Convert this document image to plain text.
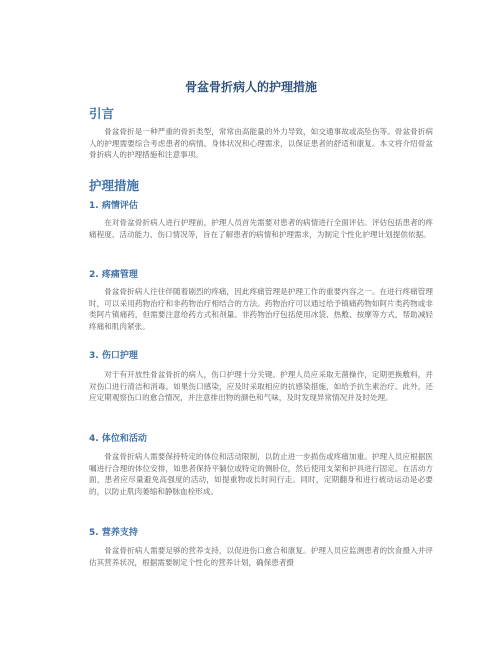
骨盆骨折病人的护理措施
引言

骨盆骨折是一种严重的骨折类型，常常由高能量的外力导致，如交通事故或高坠伤等。骨盆骨折病人的护理需要综合考虑患者的病情、身体状况和心理需求，以保证患者的舒适和康复。本文将介绍骨盆骨折病人的护理措施和注意事项。

护理措施
1. 病情评估

在对骨盆骨折病人进行护理前，护理人员首先需要对患者的病情进行全面评估。评估包括患者的疼痛程度、活动能力、伤口情况等，旨在了解患者的病情和护理需求，为制定个性化护理计划提供依据。

2. 疼痛管理

骨盆骨折病人往往伴随着剧烈的疼痛，因此疼痛管理是护理工作的重要内容之一。在进行疼痛管理时，可以采用药物治疗和非药物治疗相结合的方法。药物治疗可以通过给予镇痛药物如阿片类药物或非类阿片镇痛药，但需要注意给药方式和剂量。非药物治疗包括使用冰袋、热敷、按摩等方式，帮助减轻疼痛和肌肉紧张。

3. 伤口护理

对于有开放性骨盆骨折的病人，伤口护理十分关键。护理人员应采取无菌操作，定期更换敷料，并对伤口进行清洁和消毒。如果伤口感染，应及时采取相应的抗感染措施，如给予抗生素治疗。此外，还应定期观察伤口的愈合情况，并注意排出物的颜色和气味，及时发现异常情况并及时处理。

4. 体位和活动

骨盆骨折病人需要保持特定的体位和活动限制，以防止进一步损伤或疼痛加重。护理人员应根据医嘱进行合理的体位安排，如患者保持平躺位或特定的侧卧位，然后使用支架和护具进行固定。在活动方面，患者应尽量避免高强度的活动，如提重物或长时间行走。同时，定期翻身和进行被动运动是必要的，以防止肌肉萎缩和静脉血栓形成。

5. 营养支持

骨盆骨折病人需要足够的营养支持，以促进伤口愈合和康复。护理人员应监测患者的饮食摄入并评估其营养状况，根据需要制定个性化的营养计划，确保患者摄
